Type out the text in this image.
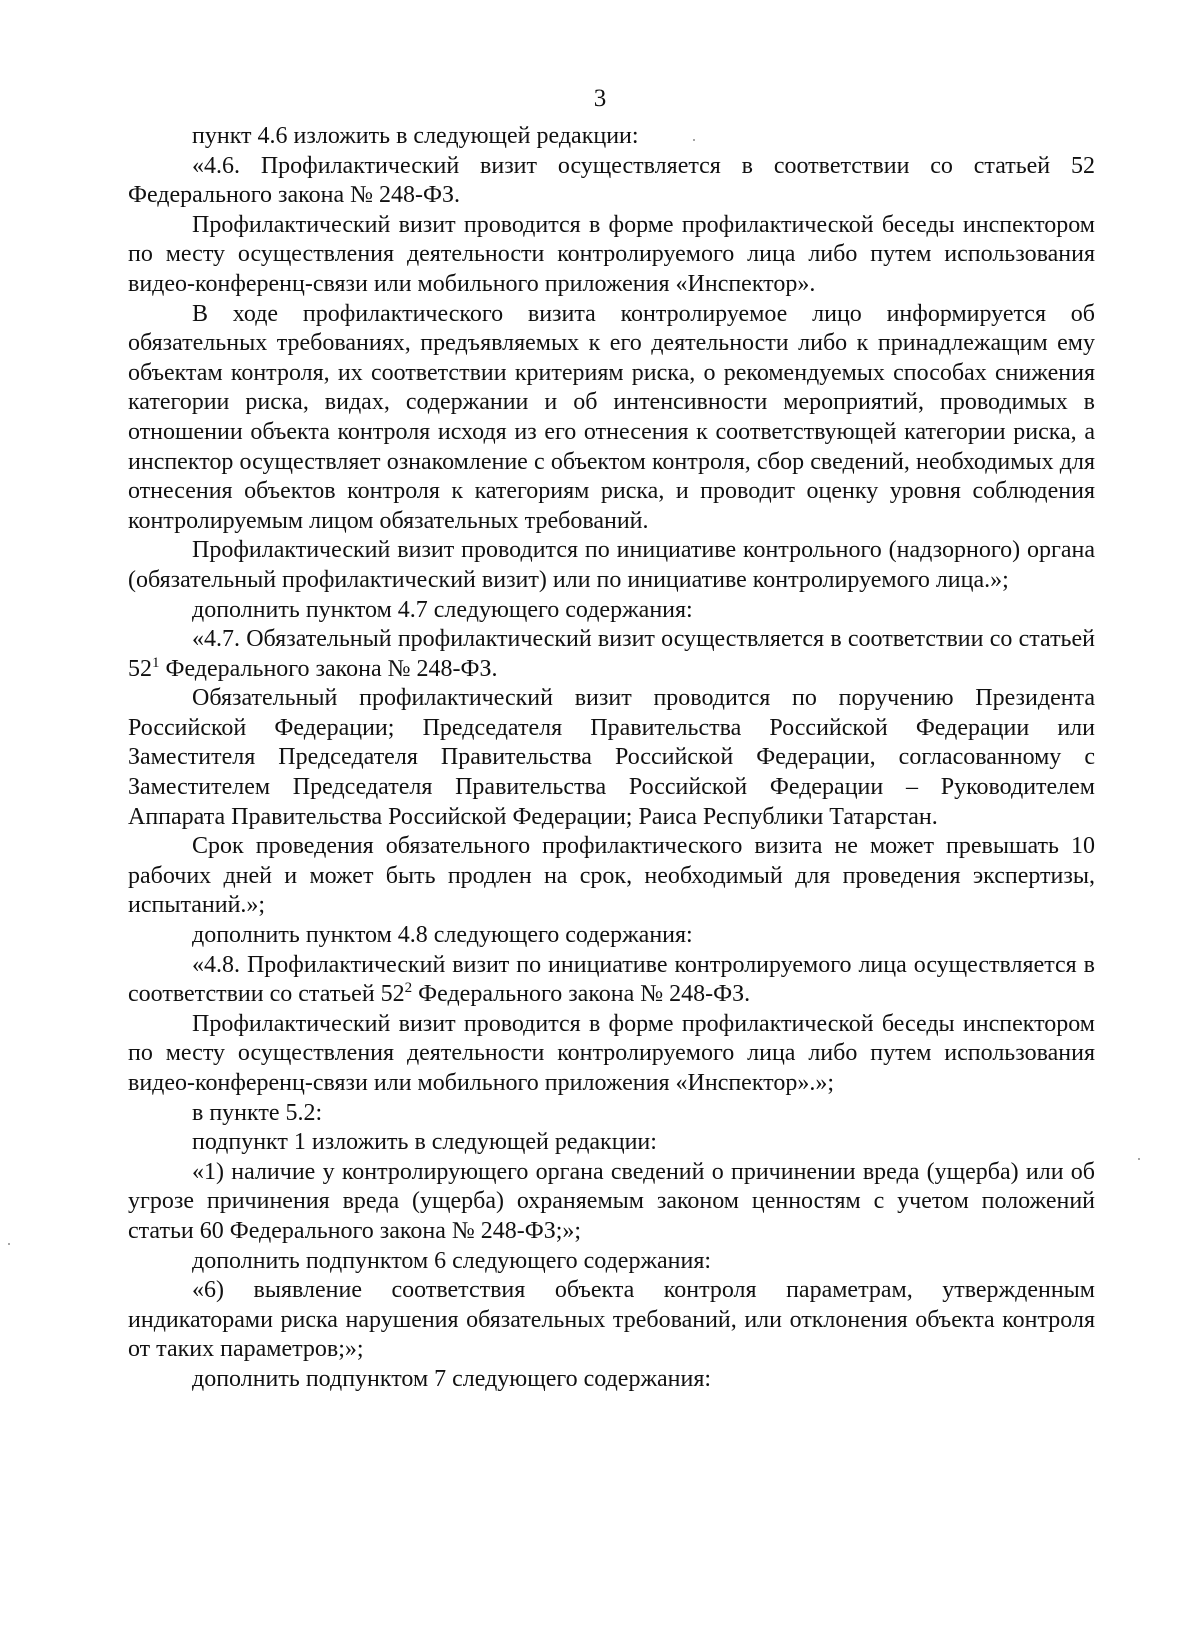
3

пункт 4.6 изложить в следующей редакции:

«4.6. Профилактический визит осуществляется в соответствии со статьей 52 Федерального закона № 248-ФЗ.

Профилактический визит проводится в форме профилактической беседы инспектором по месту осуществления деятельности контролируемого лица либо путем использования видео-конференц-связи или мобильного приложения «Инспектор».

В ходе профилактического визита контролируемое лицо информируется об обязательных требованиях, предъявляемых к его деятельности либо к принадлежащим ему объектам контроля, их соответствии критериям риска, о рекомендуемых способах снижения категории риска, видах, содержании и об интенсивности мероприятий, проводимых в отношении объекта контроля исходя из его отнесения к соответствующей категории риска, а инспектор осуществляет ознакомление с объектом контроля, сбор сведений, необходимых для отнесения объектов контроля к категориям риска, и проводит оценку уровня соблюдения контролируемым лицом обязательных требований.

Профилактический визит проводится по инициативе контрольного (надзорного) органа (обязательный профилактический визит) или по инициативе контролируемого лица.»;

дополнить пунктом 4.7 следующего содержания:

«4.7. Обязательный профилактический визит осуществляется в соответствии со статьей $52^1$ Федерального закона № 248-ФЗ.

Обязательный профилактический визит проводится по поручению Президента Российской Федерации; Председателя Правительства Российской Федерации или Заместителя Председателя Правительства Российской Федерации, согласованному с Заместителем Председателя Правительства Российской Федерации – Руководителем Аппарата Правительства Российской Федерации; Раиса Республики Татарстан.

Срок проведения обязательного профилактического визита не может превышать 10 рабочих дней и может быть продлен на срок, необходимый для проведения экспертизы, испытаний.»;

дополнить пунктом 4.8 следующего содержания:

«4.8. Профилактический визит по инициативе контролируемого лица осуществляется в соответствии со статьей $52^2$ Федерального закона № 248-ФЗ.

Профилактический визит проводится в форме профилактической беседы инспектором по месту осуществления деятельности контролируемого лица либо путем использования видео-конференц-связи или мобильного приложения «Инспектор».»;

в пункте 5.2:

подпункт 1 изложить в следующей редакции:

«1) наличие у контролирующего органа сведений о причинении вреда (ущерба) или об угрозе причинения вреда (ущерба) охраняемым законом ценностям с учетом положений статьи 60 Федерального закона № 248-ФЗ;»;

дополнить подпунктом 6 следующего содержания:

«6) выявление соответствия объекта контроля параметрам, утвержденным индикаторами риска нарушения обязательных требований, или отклонения объекта контроля от таких параметров;»;

дополнить подпунктом 7 следующего содержания:
